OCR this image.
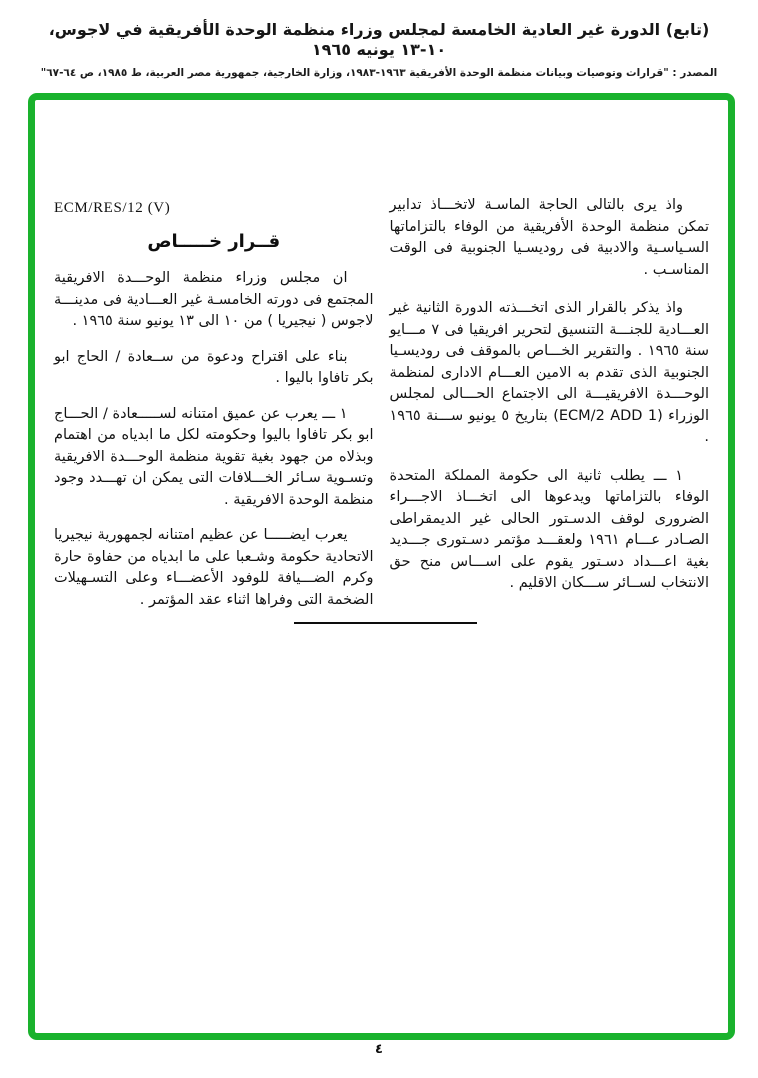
(تابع) الدورة غير العادية الخامسة لمجلس وزراء منظمة الوحدة الأفريقية في لاجوس، ١٠-١٣ يونيه ١٩٦٥
المصدر : "قرارات وتوصيات وبيانات منظمة الوحدة الأفريقية ١٩٦٣-١٩٨٣، وزارة الخارجية، جمهورية مصر العربية، ط ١٩٨٥، ص ٦٤-٦٧"

واذ يرى بالتالى الحاجة الماسـة لاتخـــاذ تدابير تمكن منظمة الوحدة الأفريقية من الوفاء بالتزاماتها السـياسـية والادبية فى روديسـيا الجنوبية فى الوقت المناسـب .

واذ يذكر بالقرار الذى اتخـــذته الدورة الثانية غير العـــادية للجنـــة التنسيق لتحرير افريقيا فى ٧ مـــايو سنة ١٩٦٥ . والتقرير الخـــاص بالموقف فى روديسـيا الجنوبية الذى تقدم به الامين العـــام الادارى لمنظمة الوحـــدة الافريقيـــة الى الاجتماع الحـــالى لمجلس الوزراء (ECM/2 ADD 1) بتاريخ ٥ يونيو ســـنة ١٩٦٥ .

١ ـــ يطلب ثانية الى حكومة المملكة المتحدة الوفاء بالتزاماتها ويدعوها الى اتخـــاذ الاجـــراء الضرورى لوقف الدسـتور الحالى غير الديمقراطى الصـادر عـــام ١٩٦١ ولعقـــد مؤتمر دسـتورى جـــديد بغية اعـــداد دسـتور يقوم على اســـاس منح حق الانتخاب لســائر ســـكان الاقليم .

ECM/RES/12 (V)
قــرار خـــــاص

ان مجلس وزراء منظمة الوحـــدة الافريقية المجتمع فى دورته الخامسـة غير العـــادية فى مدينـــة لاجوس ( نيجيريا ) من ١٠ الى ١٣ يونيو سنة ١٩٦٥ .

بناء على اقتراح ودعوة من ســعادة / الحاج ابو بكر تافاوا باليوا .

١ ـــ يعرب عن عميق امتنانه لســـــعادة / الحـــاج ابو بكر تافاوا باليوا وحكومته لكل ما ابدياه من اهتمام وبذلاه من جهود بغية تقوية منظمة الوحـــدة الافريقية وتسـوية سـائر الخـــلافات التى يمكن ان تهـــدد وجود منظمة الوحدة الافريقية .

يعرب ايضـــــا عن عظيم امتنانه لجمهورية نيجيريا الاتحادية حكومة وشـعبا على ما ابدياه من حفاوة حارة وكرم الضـــيافة للوفود الأعضـــاء وعلى التسـهيلات الضخمة التى وفراها اثناء عقد المؤتمر .

٤
